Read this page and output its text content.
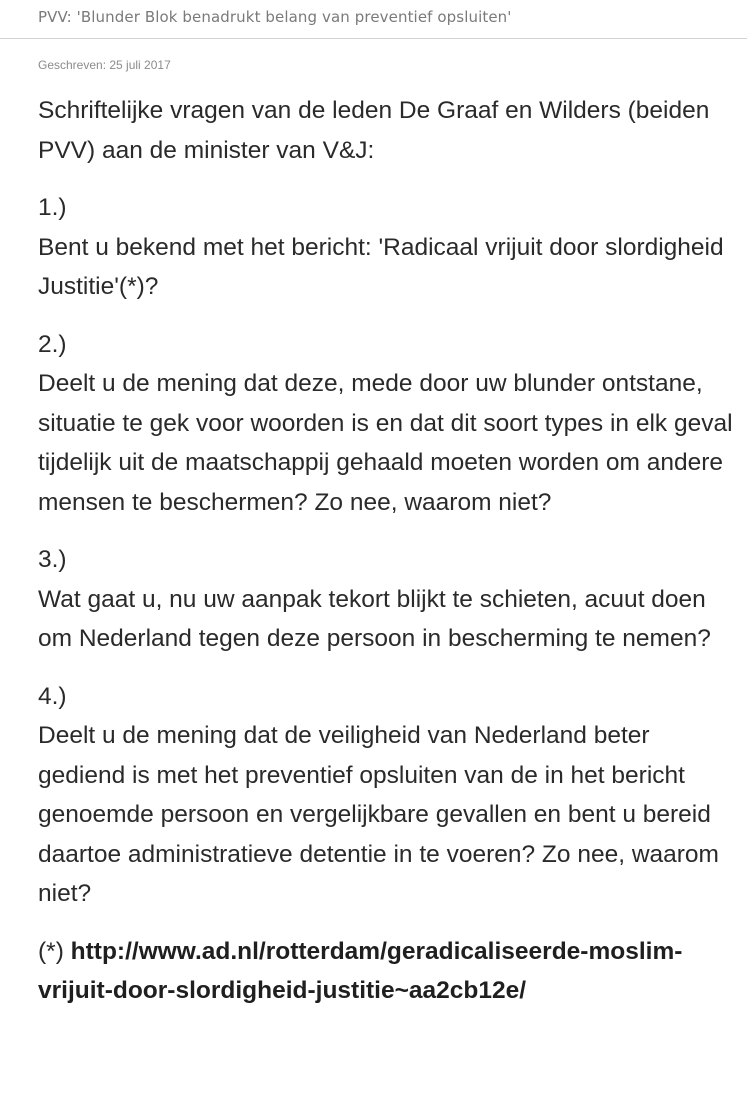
PVV: 'Blunder Blok benadrukt belang van preventief opsluiten'
Geschreven: 25 juli 2017

Schriftelijke vragen van de leden De Graaf en Wilders (beiden PVV) aan de minister van V&J:

1.)
Bent u bekend met het bericht: 'Radicaal vrijuit door slordigheid Justitie'(*)?
2.)
Deelt u de mening dat deze, mede door uw blunder ontstane, situatie te gek voor woorden is en dat dit soort types in elk geval tijdelijk uit de maatschappij gehaald moeten worden om andere mensen te beschermen? Zo nee, waarom niet?
3.)
Wat gaat u, nu uw aanpak tekort blijkt te schieten, acuut doen om Nederland tegen deze persoon in bescherming te nemen?
4.)
Deelt u de mening dat de veiligheid van Nederland beter gediend is met het preventief opsluiten van de in het bericht genoemde persoon en vergelijkbare gevallen en bent u bereid daartoe administratieve detentie in te voeren? Zo nee, waarom niet?

(*) http://www.ad.nl/rotterdam/geradicaliseerde-moslim-vrijuit-door-slordigheid-justitie~aa2cb12e/
